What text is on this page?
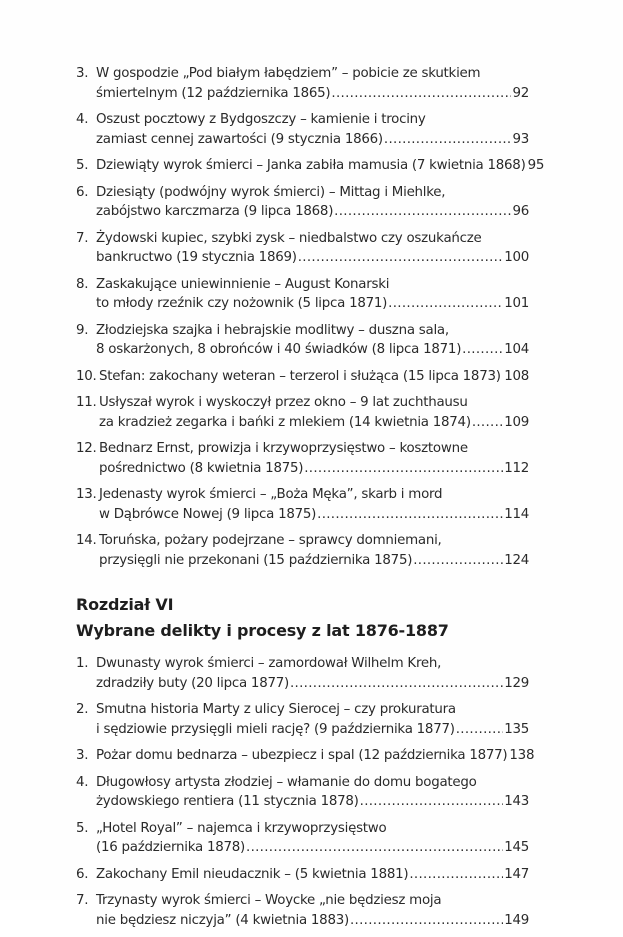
3. W gospodzie „Pod białym łabędziem” – pobicie ze skutkiem
śmiertelnym (12 października 1865) .....	92
4. Oszust pocztowy z Bydgoszczy – kamienie i trociny
zamiast cennej zawartości (9 stycznia 1866) .....	93
5. Dziewiąty wyrok śmierci – Janka zabiła mamusia (7 kwietnia 1868) 95
6. Dziesiąty (podwójny wyrok śmierci) – Mittag i Miehlke,
zabójstwo karczmarza (9 lipca 1868) .....	96
7. Żydowski kupiec, szybki zysk – niedbalstwo czy oszukańcze
bankructwo (19 stycznia 1869) .....	100
8. Zaskakujące uniewinnienie – August Konarski
to młody rzeźnik czy nożownik (5 lipca 1871) .....	101
9. Złodziejska szajka i hebrajskie modlitwy – duszna sala,
8 oskarżonych, 8 obrońców i 40 świadków (8 lipca 1871) .....	104
10. Stefan: zakochany weteran – terzerol i służąca (15 lipca 1873) ..... 108
11. Usłyszał wyrok i wyskoczył przez okno – 9 lat zuchthausu
za kradzież zegarka i bańki z mlekiem (14 kwietnia 1874) ..... 109
12. Bednarz Ernst, prowizja i krzywoprzysięstwo – kosztowne
pośrednictwo (8 kwietnia 1875) .....	112
13. Jedenasty wyrok śmierci – „Boża Męka”, skarb i mord
w Dąbrówce Nowej (9 lipca 1875) .....	114
14. Toruńska, pożary podejrzane – sprawcy domniemani,
przysięgli nie przekonani (15 października 1875) .....	124
Rozdział VI
Wybrane delikty i procesy z lat 1876-1887
1. Dwunasty wyrok śmierci – zamordował Wilhelm Kreh,
zdradziły buty (20 lipca 1877) .....	129
2. Smutna historia Marty z ulicy Sierocej – czy prokuratura
i sędziowie przysięgli mieli rację? (9 października 1877) .....	135
3. Pożar domu bednarza – ubezpiecz i spal (12 października 1877) 138
4. Długowłosy artysta złodziej – włamanie do domu bogatego
żydowskiego rentiera (11 stycznia 1878) .....	143
5. „Hotel Royal” – najemca i krzywoprzysięstwo
(16 października 1878) .....	145
6. Zakochany Emil nieudacznik – (5 kwietnia 1881) .....	147
7. Trzynasty wyrok śmierci – Woycke „nie będziesz moja
nie będziesz niczyja” (4 kwietnia 1883) .....	149
